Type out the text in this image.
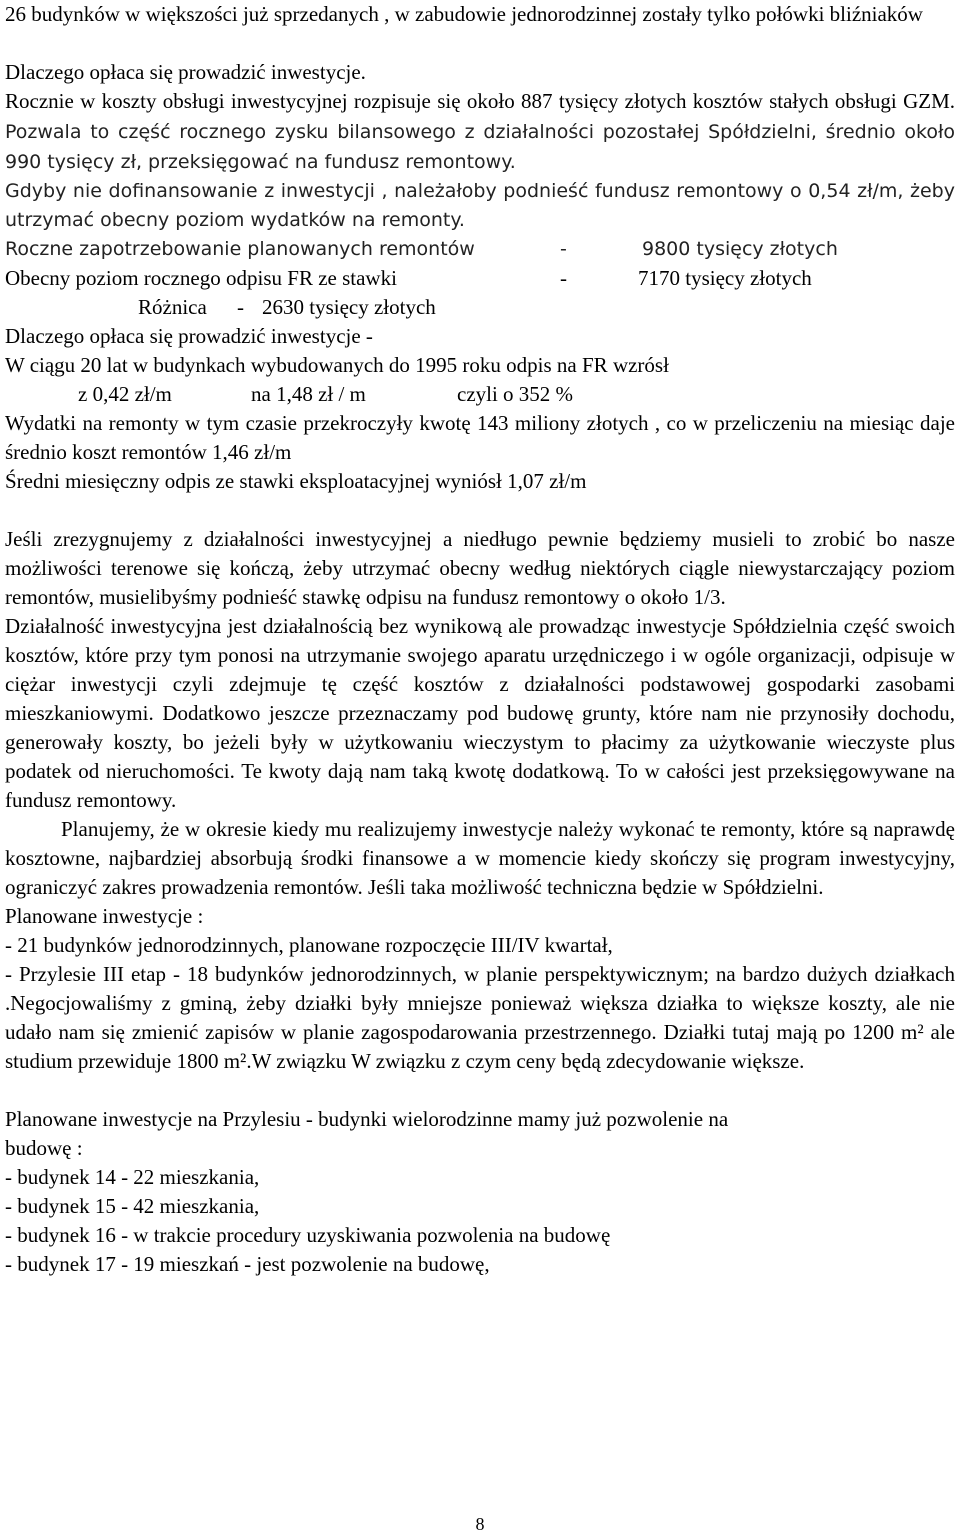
26 budynków w większości już sprzedanych , w zabudowie jednorodzinnej zostały tylko połówki bliźniaków

Dlaczego opłaca się prowadzić inwestycje.

Rocznie w koszty obsługi inwestycyjnej rozpisuje się około 887 tysięcy złotych kosztów stałych obsługi GZM. Pozwala to część rocznego zysku bilansowego z działalności pozostałej Spółdzielni, średnio około 990 tysięcy zł, przeksięgować na fundusz remontowy.

Gdyby nie dofinansowanie z inwestycji , należałoby podnieść fundusz remontowy o 0,54 zł/m, żeby utrzymać obecny poziom wydatków na remonty.

Roczne zapotrzebowanie planowanych remontów	-	9800 tysięcy złotych
Obecny poziom rocznego odpisu FR ze stawki	-	7170 tysięcy złotych
Różnica - 2630 tysięcy złotych

Dlaczego opłaca się prowadzić inwestycje -

W ciągu 20 lat w budynkach wybudowanych do 1995 roku odpis na FR wzrósł

z 0,42 zł/m	na 1,48 zł / m	czyli o 352 %

Wydatki na remonty w tym czasie przekroczyły kwotę 143 miliony złotych , co w przeliczeniu na miesiąc daje średnio koszt remontów 1,46 zł/m

Średni miesięczny odpis ze stawki eksploatacyjnej wyniósł 1,07 zł/m

Jeśli zrezygnujemy z działalności inwestycyjnej a niedługo pewnie będziemy musieli to zrobić bo nasze możliwości terenowe się kończą, żeby utrzymać obecny według niektórych ciągle niewystarczający poziom remontów, musielibyśmy podnieść stawkę odpisu na fundusz remontowy o około 1/3.

Działalność inwestycyjna jest działalnością bez wynikową ale prowadząc inwestycje Spółdzielnia część swoich kosztów, które przy tym ponosi na utrzymanie swojego aparatu urzędniczego i w ogóle organizacji, odpisuje w ciężar inwestycji czyli zdejmuje tę część kosztów z działalności podstawowej gospodarki zasobami mieszkaniowymi. Dodatkowo jeszcze przeznaczamy pod budowę grunty, które nam nie przynosiły dochodu, generowały koszty, bo jeżeli były w użytkowaniu wieczystym to płacimy za użytkowanie wieczyste plus podatek od nieruchomości. Te kwoty dają nam taką kwotę dodatkową. To w całości jest przeksięgowywane na fundusz remontowy.

Planujemy, że w okresie kiedy mu realizujemy inwestycje należy wykonać te remonty, które są naprawdę kosztowne, najbardziej absorbują środki finansowe a w momencie kiedy skończy się program inwestycyjny, ograniczyć zakres prowadzenia remontów. Jeśli taka możliwość techniczna będzie w Spółdzielni.

Planowane inwestycje :

- 21 budynków jednorodzinnych, planowane rozpoczęcie III/IV kwartał,

- Przylesie III etap - 18 budynków jednorodzinnych, w planie perspektywicznym; na bardzo dużych działkach .Negocjowaliśmy z gminą, żeby działki były mniejsze ponieważ większa działka to większe koszty, ale nie udało nam się zmienić zapisów w planie zagospodarowania przestrzennego. Działki tutaj mają po 1200 m² ale studium przewiduje 1800 m².W związku W związku z czym ceny będą zdecydowanie większe.

Planowane inwestycje na Przylesiu - budynki wielorodzinne mamy już pozwolenie na
budowę :

- budynek 14 - 22 mieszkania,

- budynek 15 - 42 mieszkania,

- budynek 16 - w trakcie procedury uzyskiwania pozwolenia na budowę

- budynek 17 - 19 mieszkań - jest pozwolenie na budowę,

8
